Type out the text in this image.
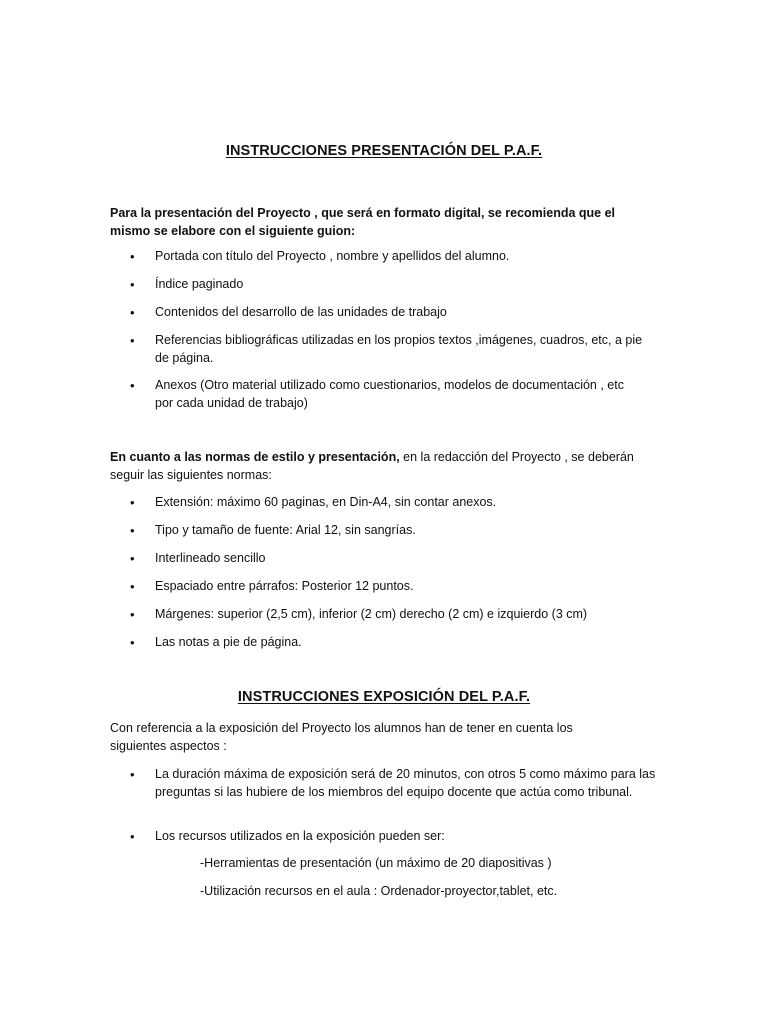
INSTRUCCIONES PRESENTACIÓN DEL P.A.F.
Para la presentación del Proyecto , que será en formato digital, se recomienda que el mismo se elabore con el siguiente guion:
•	Portada con título del Proyecto , nombre y apellidos del alumno.
•	Índice paginado
•	Contenidos del desarrollo de las unidades de trabajo
•	Referencias bibliográficas utilizadas en los propios textos ,imágenes, cuadros, etc, a pie de página.
•	Anexos (Otro material utilizado como cuestionarios, modelos de documentación , etc por cada unidad de trabajo)
En cuanto a las normas de estilo y presentación, en la redacción del Proyecto , se deberán seguir las siguientes normas:
•	Extensión: máximo 60 paginas, en Din-A4, sin contar anexos.
•	Tipo y tamaño de fuente: Arial 12, sin sangrías.
•	Interlineado sencillo
•	Espaciado entre párrafos: Posterior 12 puntos.
•	Márgenes: superior (2,5 cm), inferior (2 cm) derecho (2 cm) e izquierdo (3 cm)
•	Las notas a pie de página.
INSTRUCCIONES EXPOSICIÓN DEL P.A.F.
Con referencia a la exposición del Proyecto los alumnos han de tener en cuenta los siguientes aspectos :
•	La duración máxima de exposición será de 20 minutos, con otros 5 como máximo para las preguntas si las hubiere de los miembros del equipo docente que actúa como tribunal.
•	Los recursos utilizados en la exposición pueden ser:
-Herramientas de presentación (un máximo de 20 diapositivas )
-Utilización recursos en el aula : Ordenador-proyector,tablet, etc.
